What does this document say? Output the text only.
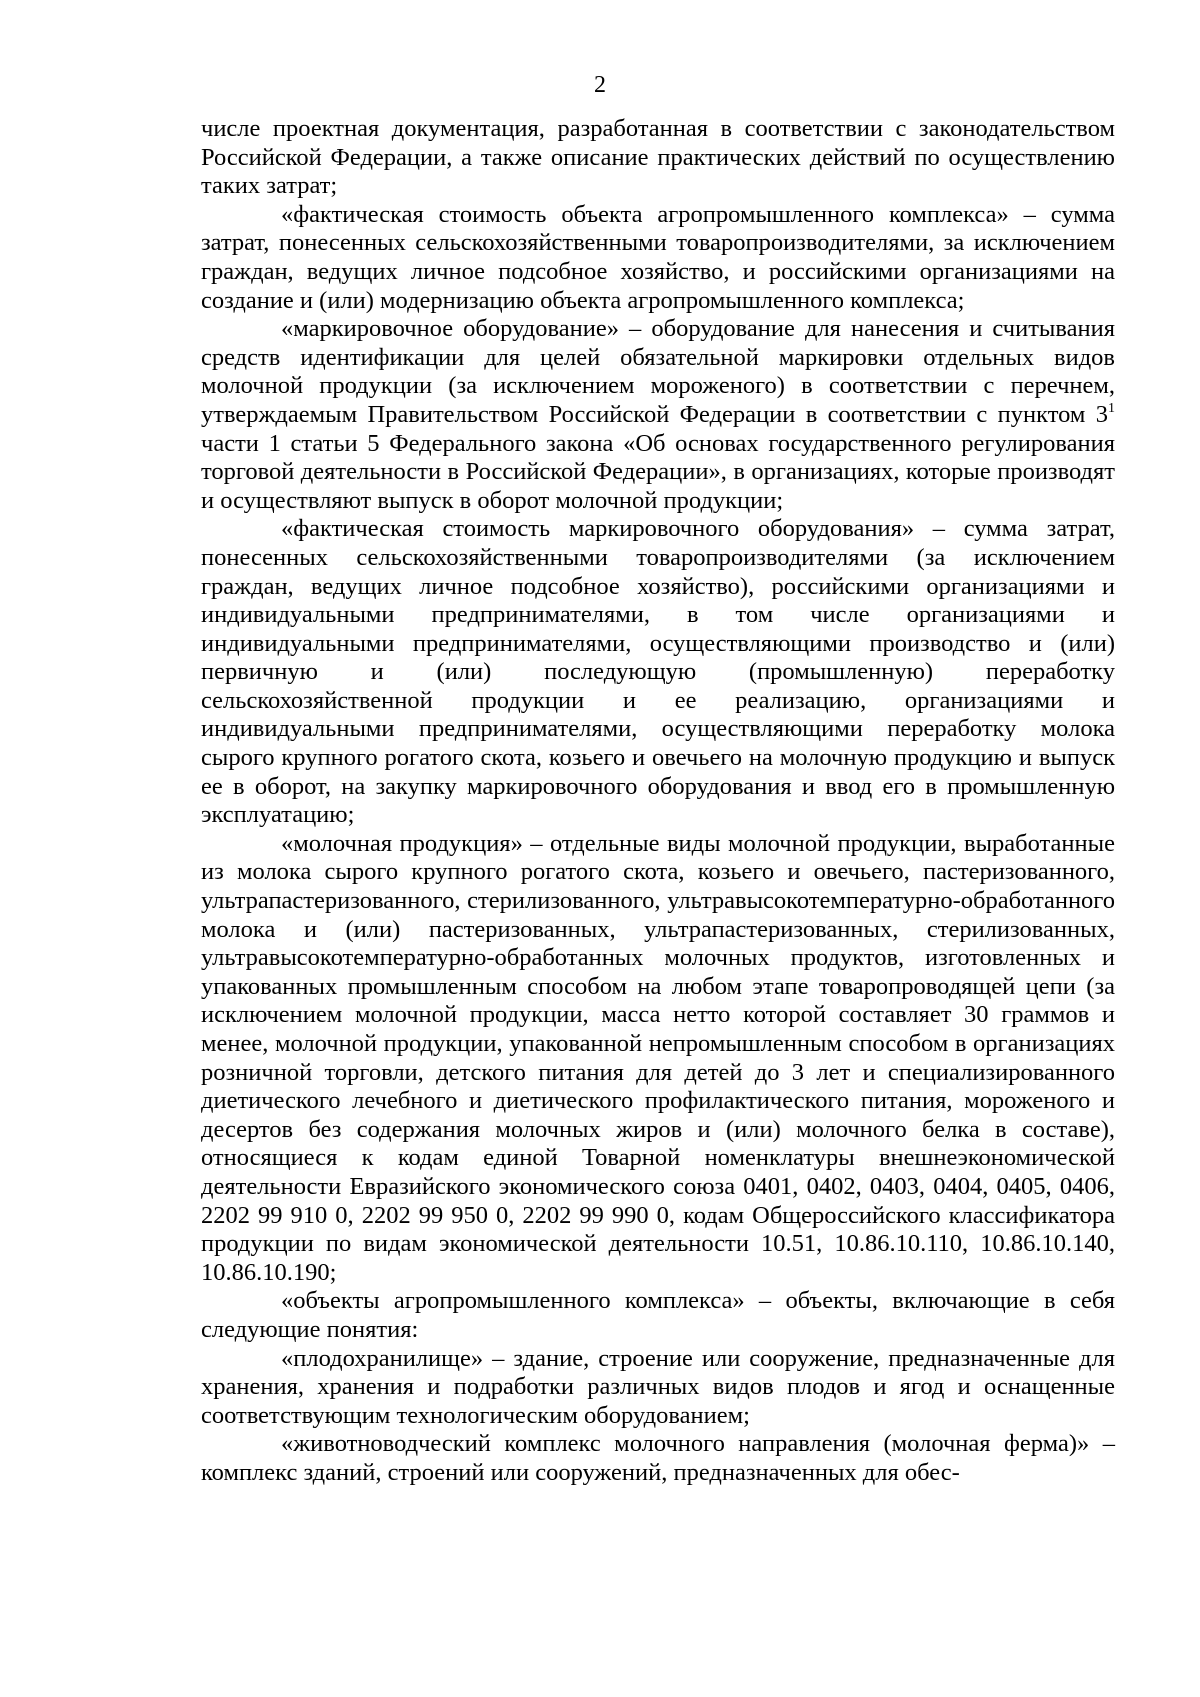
2

числе проектная документация, разработанная в соответствии с законодательством Российской Федерации, а также описание практических действий по осуществлению таких затрат;

«фактическая стоимость объекта агропромышленного комплекса» – сумма затрат, понесенных сельскохозяйственными товаропроизводителями, за исключением граждан, ведущих личное подсобное хозяйство, и российскими организациями на создание и (или) модернизацию объекта агропромышленного комплекса;

«маркировочное оборудование» – оборудование для нанесения и считывания средств идентификации для целей обязательной маркировки отдельных видов молочной продукции (за исключением мороженого) в соответствии с перечнем, утверждаемым Правительством Российской Федерации в соответствии с пунктом $3^1$ части 1 статьи 5 Федерального закона «Об основах государственного регулирования торговой деятельности в Российской Федерации», в организациях, которые производят и осуществляют выпуск в оборот молочной продукции;

«фактическая стоимость маркировочного оборудования» – сумма затрат, понесенных сельскохозяйственными товаропроизводителями (за исключением граждан, ведущих личное подсобное хозяйство), российскими организациями и индивидуальными предпринимателями, в том числе организациями и индивидуальными предпринимателями, осуществляющими производство и (или) первичную и (или) последующую (промышленную) переработку сельскохозяйственной продукции и ее реализацию, организациями и индивидуальными предпринимателями, осуществляющими переработку молока сырого крупного рогатого скота, козьего и овечьего на молочную продукцию и выпуск ее в оборот, на закупку маркировочного оборудования и ввод его в промышленную эксплуатацию;

«молочная продукция» – отдельные виды молочной продукции, выработанные из молока сырого крупного рогатого скота, козьего и овечьего, пастеризованного, ультрапастеризованного, стерилизованного, ультравысокотемпературно-обработанного молока и (или) пастеризованных, ультрапастеризованных, стерилизованных, ультравысокотемпературно-обработанных молочных продуктов, изготовленных и упакованных промышленным способом на любом этапе товаропроводящей цепи (за исключением молочной продукции, масса нетто которой составляет 30 граммов и менее, молочной продукции, упакованной непромышленным способом в организациях розничной торговли, детского питания для детей до 3 лет и специализированного диетического лечебного и диетического профилактического питания, мороженого и десертов без содержания молочных жиров и (или) молочного белка в составе), относящиеся к кодам единой Товарной номенклатуры внешнеэкономической деятельности Евразийского экономического союза 0401, 0402, 0403, 0404, 0405, 0406, 2202 99 910 0, 2202 99 950 0, 2202 99 990 0, кодам Общероссийского классификатора продукции по видам экономической деятельности 10.51, 10.86.10.110, 10.86.10.140, 10.86.10.190;

«объекты агропромышленного комплекса» – объекты, включающие в себя следующие понятия:

«плодохранилище» – здание, строение или сооружение, предназначенные для хранения, хранения и подработки различных видов плодов и ягод и оснащенные соответствующим технологическим оборудованием;

«животноводческий комплекс молочного направления (молочная ферма)» – комплекс зданий, строений или сооружений, предназначенных для обес-
